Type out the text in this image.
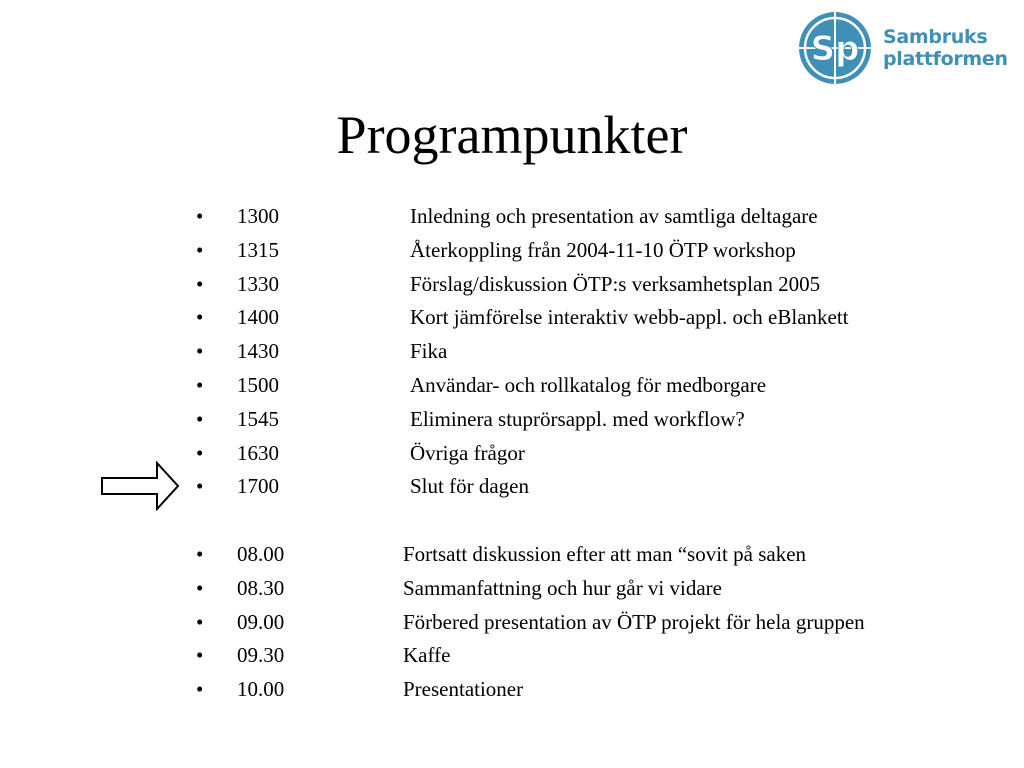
Sp Sambruks
plattformen
Programpunkter
• 1300	Inledning och presentation av samtliga deltagare
• 1315	Återkoppling från 2004-11-10 ÖTP workshop
• 1330	Förslag/diskussion ÖTP:s verksamhetsplan 2005
• 1400	Kort jämförelse interaktiv webb-appl. och eBlankett
• 1430	Fika
• 1500	Användar- och rollkatalog för medborgare
• 1545	Eliminera stuprörsappl. med workflow?
• 1630	Övriga frågor
• 1700	Slut för dagen
• 08.00	Fortsatt diskussion efter att man “sovit på saken
• 08.30	Sammanfattning och hur går vi vidare
• 09.00	Förbered presentation av ÖTP projekt för hela gruppen
• 09.30	Kaffe
• 10.00	Presentationer
